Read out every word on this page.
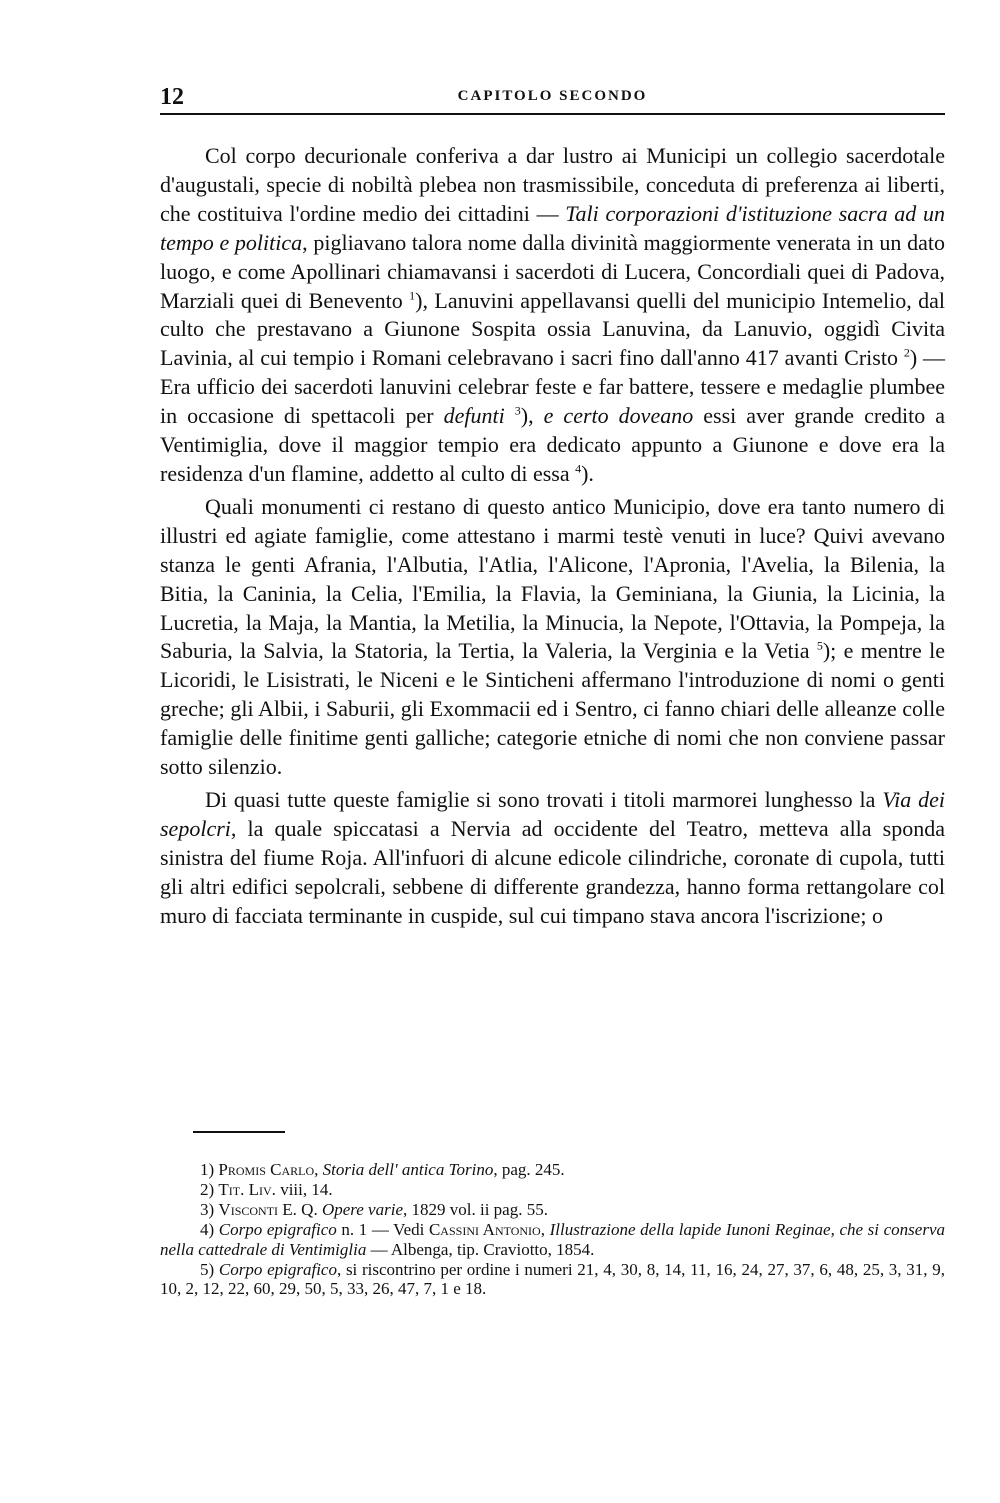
12	CAPITOLO SECONDO

Col corpo decurionale conferiva a dar lustro ai Municipi un collegio sacerdotale d'augustali, specie di nobiltà plebea non trasmissibile, conceduta di preferenza ai liberti, che costituiva l'ordine medio dei cittadini — Tali corporazioni d'istituzione sacra ad un tempo e politica, pigliavano talora nome dalla divinità maggiormente venerata in un dato luogo, e come Apollinari chiamavansi i sacerdoti di Lucera, Concordiali quei di Padova, Marziali quei di Benevento $^1$), Lanuvini appellavansi quelli del municipio Intemelio, dal culto che prestavano a Giunone Sospita ossia Lanuvina, da Lanuvio, oggidì Civita Lavinia, al cui tempio i Romani celebravano i sacri fino dall'anno 417 avanti Cristo $^2$) — Era ufficio dei sacerdoti lanuvini celebrar feste e far battere, tessere e medaglie plumbee in occasione di spettacoli per defunti $^3$), e certo doveano essi aver grande credito a Ventimiglia, dove il maggior tempio era dedicato appunto a Giunone e dove era la residenza d'un flamine, addetto al culto di essa $^4$).

Quali monumenti ci restano di questo antico Municipio, dove era tanto numero di illustri ed agiate famiglie, come attestano i marmi testè venuti in luce? Quivi avevano stanza le genti Afrania, l'Albutia, l'Atlia, l'Alicone, l'Apronia, l'Avelia, la Bilenia, la Bitia, la Caninia, la Celia, l'Emilia, la Flavia, la Geminiana, la Giunia, la Licinia, la Lucretia, la Maja, la Mantia, la Metilia, la Minucia, la Nepote, l'Ottavia, la Pompeja, la Saburia, la Salvia, la Statoria, la Tertia, la Valeria, la Verginia e la Vetia $^5$); e mentre le Licoridi, le Lisistrati, le Niceni e le Sinticheni affermano l'introduzione di nomi o genti greche; gli Albii, i Saburii, gli Exommacii ed i Sentro, ci fanno chiari delle alleanze colle famiglie delle finitime genti galliche; categorie etniche di nomi che non conviene passar sotto silenzio.

Di quasi tutte queste famiglie si sono trovati i titoli marmorei lunghesso la Via dei sepolcri, la quale spiccatasi a Nervia ad occidente del Teatro, metteva alla sponda sinistra del fiume Roja. All'infuori di alcune edicole cilindriche, coronate di cupola, tutti gli altri edifici sepolcrali, sebbene di differente grandezza, hanno forma rettangolare col muro di facciata terminante in cuspide, sul cui timpano stava ancora l'iscrizione; o

1) Promis Carlo, Storia dell' antica Torino, pag. 245.

2) Tit. Liv. viii, 14.

3) Visconti E. Q. Opere varie, 1829 vol. ii pag. 55.

4) Corpo epigrafico n. 1 — Vedi Cassini Antonio, Illustrazione della lapide Iunoni Reginae, che si conserva nella cattedrale di Ventimiglia — Albenga, tip. Craviotto, 1854.

5) Corpo epigrafico, si riscontrino per ordine i numeri 21, 4, 30, 8, 14, 11, 16, 24, 27, 37, 6, 48, 25, 3, 31, 9, 10, 2, 12, 22, 60, 29, 50, 5, 33, 26, 47, 7, 1 e 18.
